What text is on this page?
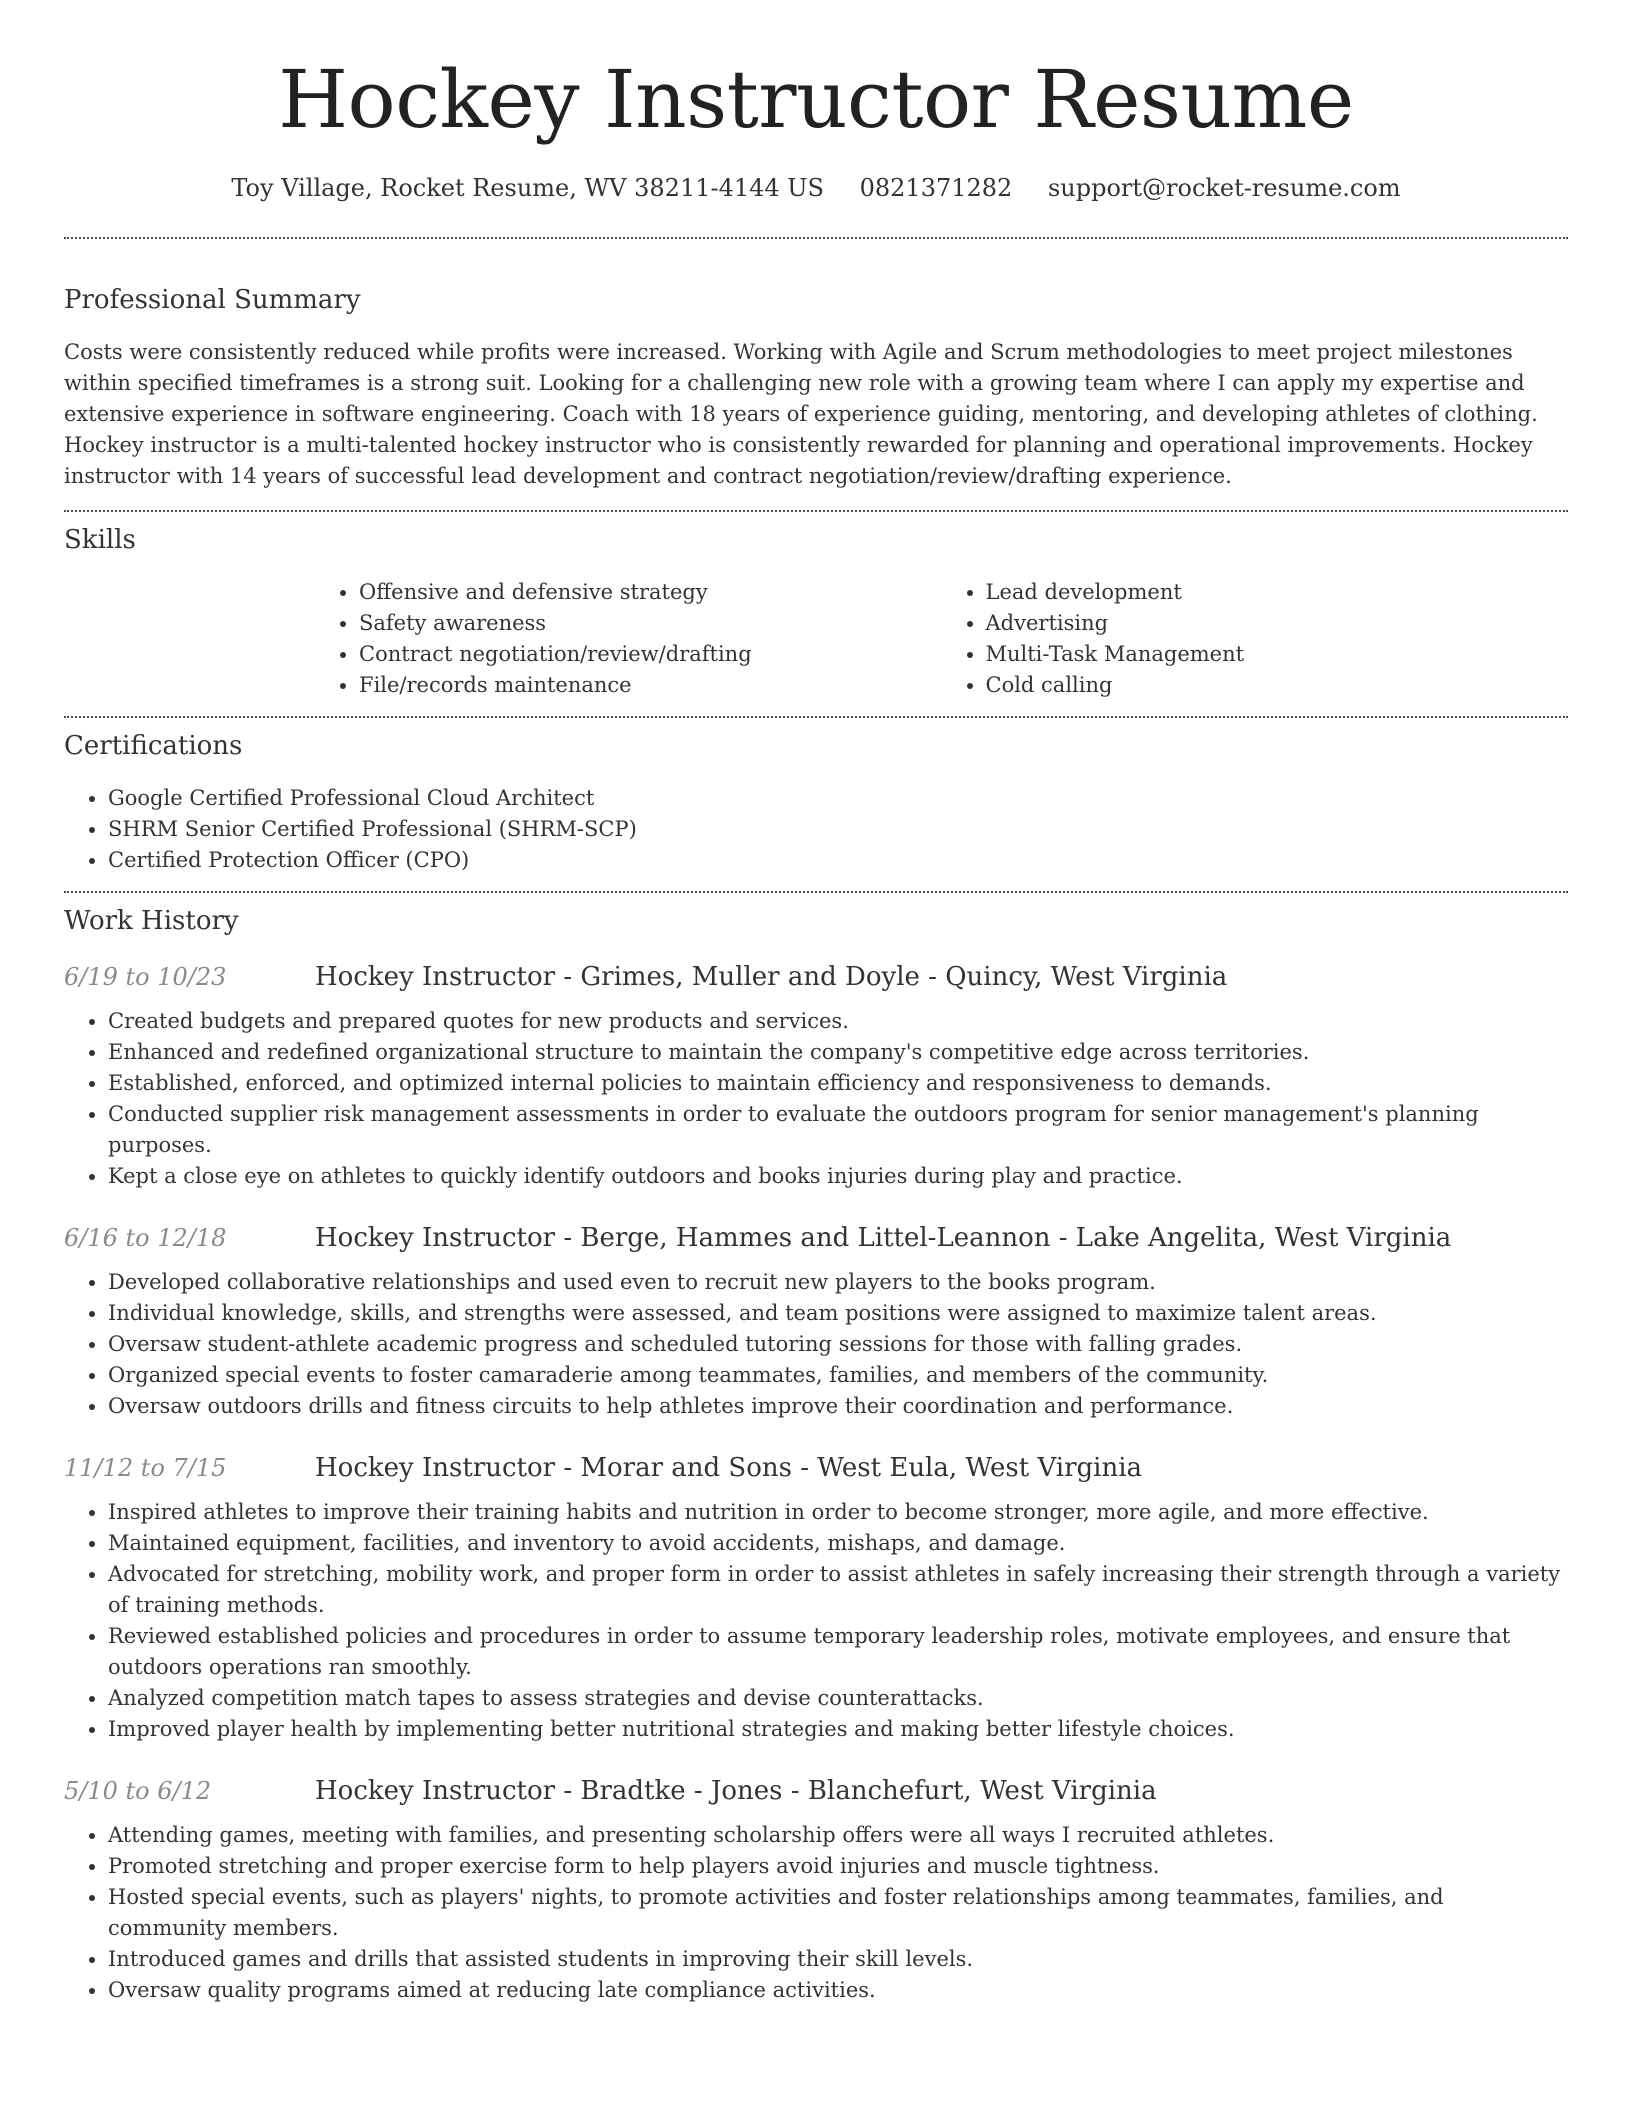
Hockey Instructor Resume
Toy Village, Rocket Resume, WV 38211-4144 US 0821371282 support@rocket-resume.com
Professional Summary

Costs were consistently reduced while profits were increased. Working with Agile and Scrum methodologies to meet project milestones within specified timeframes is a strong suit. Looking for a challenging new role with a growing team where I can apply my expertise and extensive experience in software engineering. Coach with 18 years of experience guiding, mentoring, and developing athletes of clothing. Hockey instructor is a multi-talented hockey instructor who is consistently rewarded for planning and operational improvements. Hockey instructor with 14 years of successful lead development and contract negotiation/review/drafting experience.

Skills
• Offensive and defensive strategy
• Safety awareness
• Contract negotiation/review/drafting
• File/records maintenance
• Lead development
• Advertising
• Multi-Task Management
• Cold calling
Certifications
• Google Certified Professional Cloud Architect
• SHRM Senior Certified Professional (SHRM-SCP)
• Certified Protection Officer (CPO)
Work History
6/19 to 10/23	Hockey Instructor - Grimes, Muller and Doyle - Quincy, West Virginia
• Created budgets and prepared quotes for new products and services.
• Enhanced and redefined organizational structure to maintain the company's competitive edge across territories.
• Established, enforced, and optimized internal policies to maintain efficiency and responsiveness to demands.
• Conducted supplier risk management assessments in order to evaluate the outdoors program for senior management's planning purposes.
• Kept a close eye on athletes to quickly identify outdoors and books injuries during play and practice.
6/16 to 12/18	Hockey Instructor - Berge, Hammes and Littel-Leannon - Lake Angelita, West Virginia
• Developed collaborative relationships and used even to recruit new players to the books program.
• Individual knowledge, skills, and strengths were assessed, and team positions were assigned to maximize talent areas.
• Oversaw student-athlete academic progress and scheduled tutoring sessions for those with falling grades.
• Organized special events to foster camaraderie among teammates, families, and members of the community.
• Oversaw outdoors drills and fitness circuits to help athletes improve their coordination and performance.
11/12 to 7/15	Hockey Instructor - Morar and Sons - West Eula, West Virginia
• Inspired athletes to improve their training habits and nutrition in order to become stronger, more agile, and more effective.
• Maintained equipment, facilities, and inventory to avoid accidents, mishaps, and damage.
• Advocated for stretching, mobility work, and proper form in order to assist athletes in safely increasing their strength through a variety of training methods.
• Reviewed established policies and procedures in order to assume temporary leadership roles, motivate employees, and ensure that outdoors operations ran smoothly.
• Analyzed competition match tapes to assess strategies and devise counterattacks.
• Improved player health by implementing better nutritional strategies and making better lifestyle choices.
5/10 to 6/12	Hockey Instructor - Bradtke - Jones - Blanchefurt, West Virginia
• Attending games, meeting with families, and presenting scholarship offers were all ways I recruited athletes.
• Promoted stretching and proper exercise form to help players avoid injuries and muscle tightness.
• Hosted special events, such as players' nights, to promote activities and foster relationships among teammates, families, and community members.
• Introduced games and drills that assisted students in improving their skill levels.
• Oversaw quality programs aimed at reducing late compliance activities.
